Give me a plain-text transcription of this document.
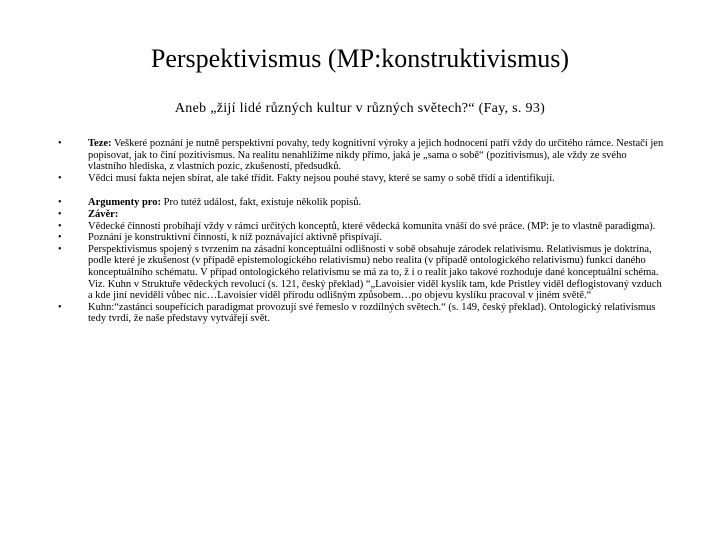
Perspektivismus (MP:konstruktivismus)
Aneb „žijí lidé různých kultur v různých světech?“ (Fay, s. 93)
•	Teze: Veškeré poznání je nutně perspektivní povahy, tedy kognitivní výroky a jejich hodnocení patří vždy do určitého rámce. Nestačí jen popisovat, jak to činí pozitivismus. Na realitu nenahlížíme nikdy přímo, jaká je „sama o sobě“ (pozitivismus), ale vždy ze svého vlastního hlediska, z vlastních pozic, zkušeností, předsudků.
•	Vědci musí fakta nejen sbírat, ale také třídit. Fakty nejsou pouhé stavy, které se samy o sobě třídí a identifikují.
•	Argumenty pro: Pro tutéž událost, fakt, existuje několik popisů.
•	Závěr:
•	Vědecké činnosti probíhají vždy v rámci určitých konceptů, které vědecká komunita vnáší do své práce. (MP: je to vlastně paradigma).
•	Poznání je konstruktivní činností, k níž poznávající aktivně přispívají.
•	Perspektivismus spojený s tvrzením na zásadní konceptuální odlišnosti v sobě obsahuje zárodek relativismu. Relativismus je doktrína, podle které je zkušenost (v případě epistemologického relativismu) nebo realita (v případě ontologického relativismu) funkcí daného konceptuálního schématu. V případ ontologického relativismu se má za to, ž i o realit jako takové rozhoduje dané konceptuální schéma. Viz. Kuhn v Struktuře vědeckých revolucí (s. 121, český překlad) “„Lavoisier viděl kyslík tam, kde Pristley viděl deflogistovaný vzduch a kde jiní neviděli vůbec nic…Lavoisier viděl přírodu odlišným způsobem…po objevu kyslíku pracoval v jiném světě.“
•	Kuhn:“zastánci soupeřících paradigmat provozují své řemeslo v rozdílných světech.“ (s. 149, český překlad). Ontologický relativismus tedy tvrdí, že naše představy vytvářejí svět.
